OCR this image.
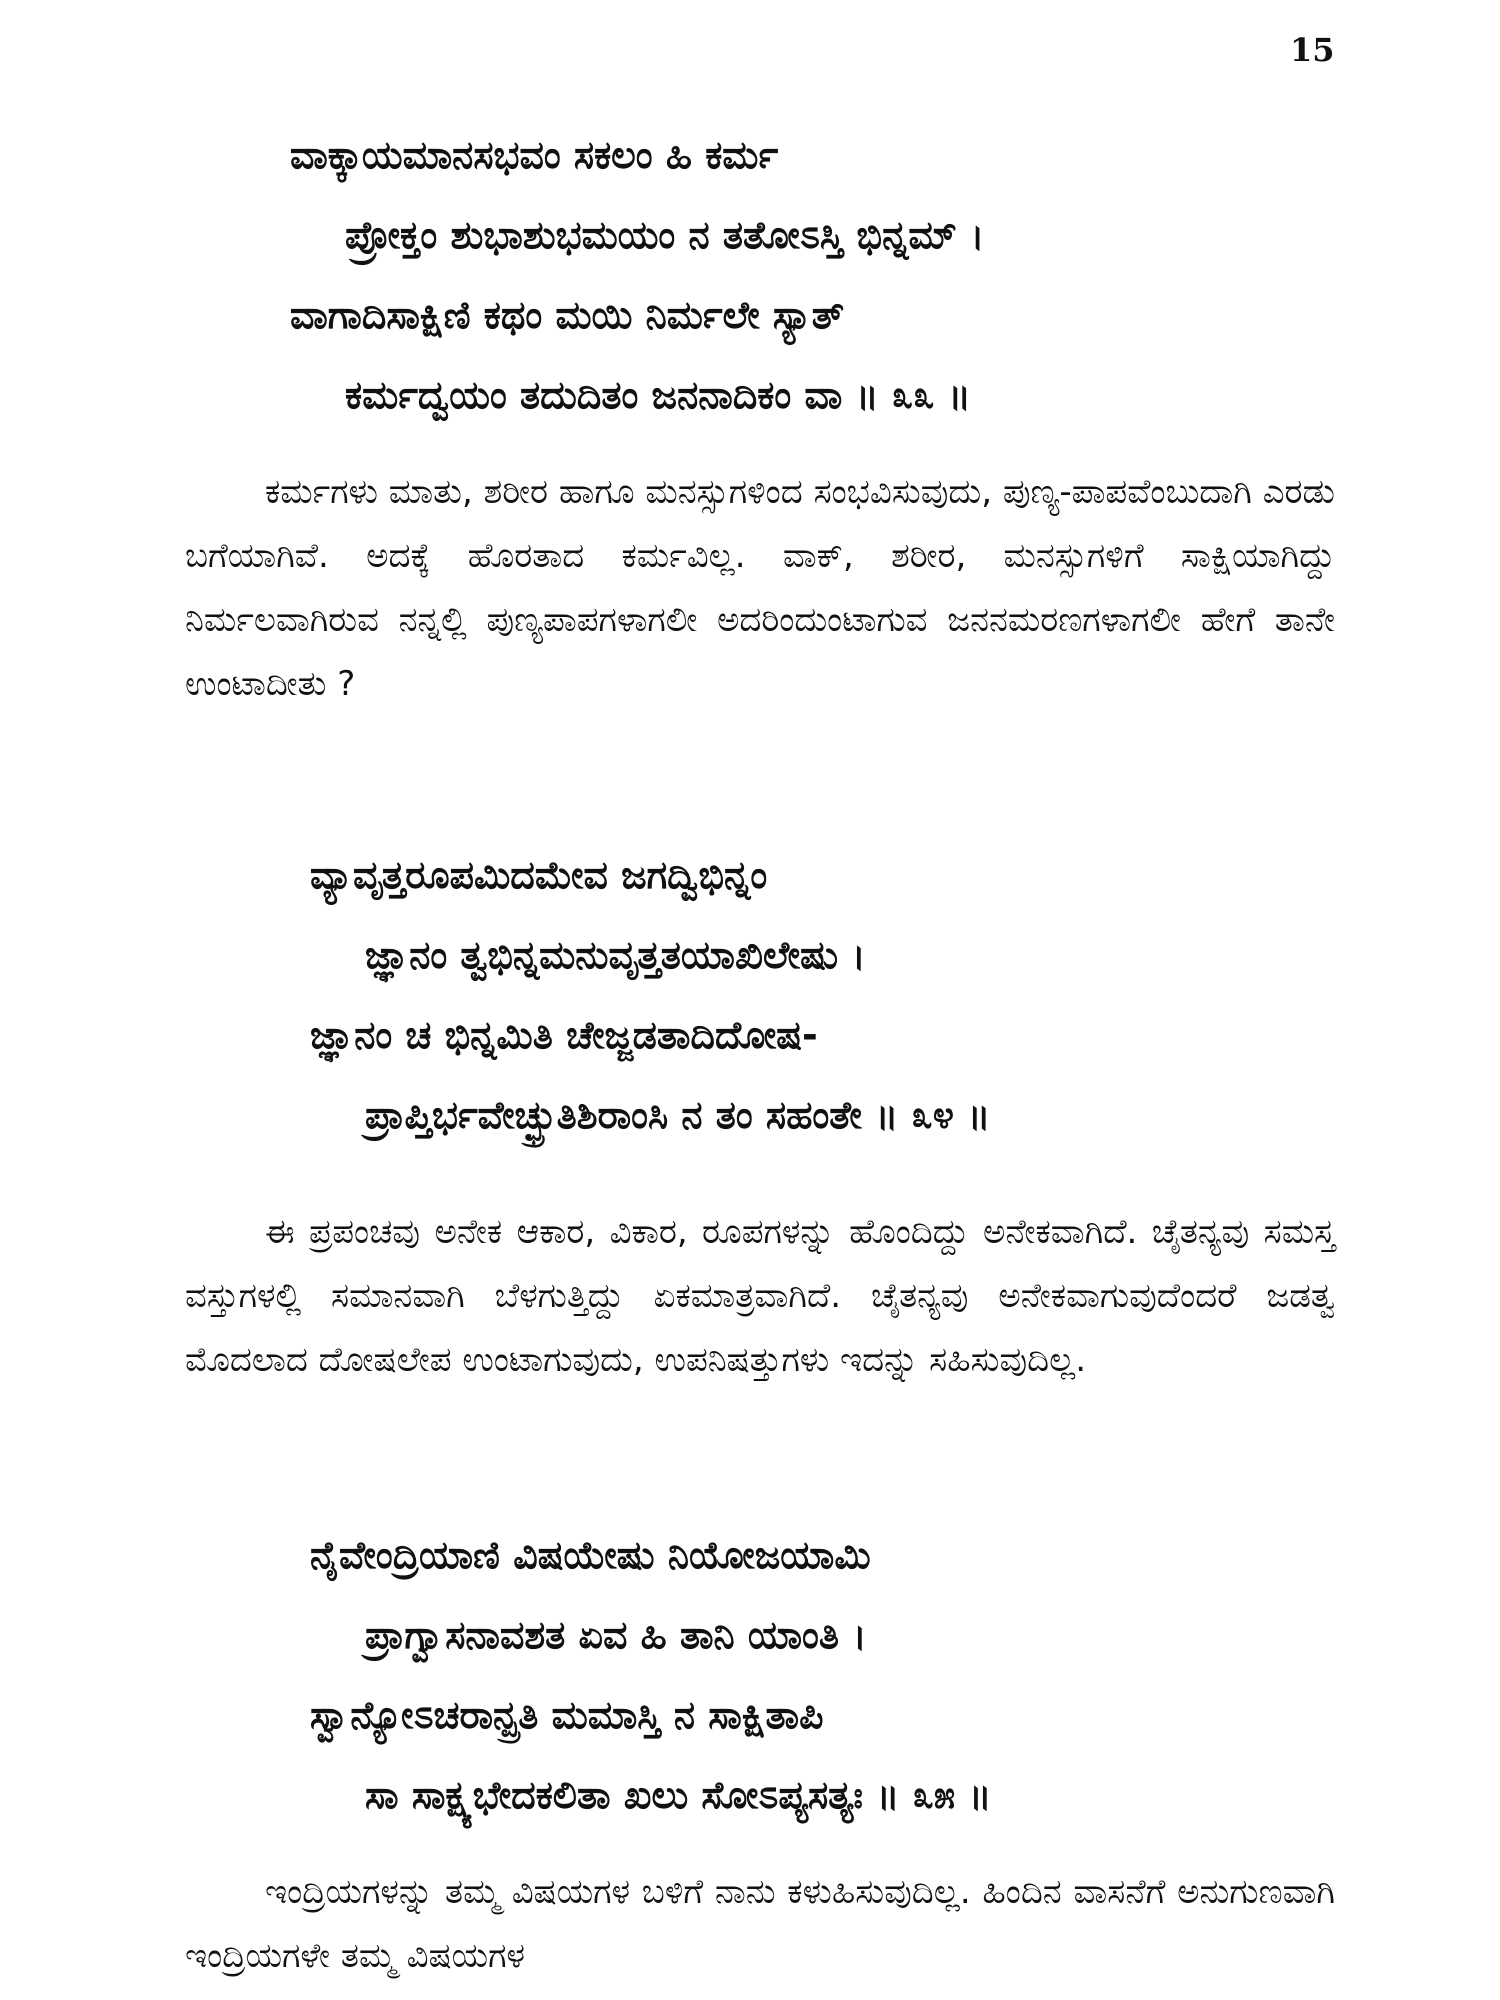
15
ವಾಕ್ಕಾಯಮಾನಸಭವಂ ಸಕಲಂ ಹಿ ಕರ್ಮ
ಪ್ರೋಕ್ತಂ ಶುಭಾಶುಭಮಯಂ ನ ತತೋಽಸ್ತಿ ಭಿನ್ನಮ್ ।
ವಾಗಾದಿಸಾಕ್ಷಿಣಿ ಕಥಂ ಮಯಿ ನಿರ್ಮಲೇ ಸ್ಯಾತ್
ಕರ್ಮದ್ವಯಂ ತದುದಿತಂ ಜನನಾದಿಕಂ ವಾ ॥ ೩೩ ॥

ಕರ್ಮಗಳು ಮಾತು, ಶರೀರ ಹಾಗೂ ಮನಸ್ಸುಗಳಿಂದ ಸಂಭವಿಸುವುದು, ಪುಣ್ಯ-ಪಾಪವೆಂಬುದಾಗಿ ಎರಡು ಬಗೆಯಾಗಿವೆ. ಅದಕ್ಕೆ ಹೊರತಾದ ಕರ್ಮವಿಲ್ಲ. ವಾಕ್, ಶರೀರ, ಮನಸ್ಸುಗಳಿಗೆ ಸಾಕ್ಷಿಯಾಗಿದ್ದು ನಿರ್ಮಲವಾಗಿರುವ ನನ್ನಲ್ಲಿ ಪುಣ್ಯಪಾಪಗಳಾಗಲೀ ಅದರಿಂದುಂಟಾಗುವ ಜನನಮರಣಗಳಾಗಲೀ ಹೇಗೆ ತಾನೇ ಉಂಟಾದೀತು ?

ವ್ಯಾವೃತ್ತರೂಪಮಿದಮೇವ ಜಗದ್ವಿಭಿನ್ನಂ
ಜ್ಞಾನಂ ತ್ವಭಿನ್ನಮನುವೃತ್ತತಯಾಖಿಲೇಷು ।
ಜ್ಞಾನಂ ಚ ಭಿನ್ನಮಿತಿ ಚೇಜ್ಜಡತಾದಿದೋಷ-
ಪ್ರಾಪ್ತಿರ್ಭವೇಚ್ಛ್ರುತಿಶಿರಾಂಸಿ ನ ತಂ ಸಹಂತೇ ॥ ೩೪ ॥

ಈ ಪ್ರಪಂಚವು ಅನೇಕ ಆಕಾರ, ವಿಕಾರ, ರೂಪಗಳನ್ನು ಹೊಂದಿದ್ದು ಅನೇಕವಾಗಿದೆ. ಚೈತನ್ಯವು ಸಮಸ್ತ ವಸ್ತುಗಳಲ್ಲಿ ಸಮಾನವಾಗಿ ಬೆಳಗುತ್ತಿದ್ದು ಏಕಮಾತ್ರವಾಗಿದೆ. ಚೈತನ್ಯವು ಅನೇಕವಾಗುವುದೆಂದರೆ ಜಡತ್ವ ಮೊದಲಾದ ದೋಷಲೇಪ ಉಂಟಾಗುವುದು, ಉಪನಿಷತ್ತುಗಳು ಇದನ್ನು ಸಹಿಸುವುದಿಲ್ಲ.

ನೈವೇಂದ್ರಿಯಾಣಿ ವಿಷಯೇಷು ನಿಯೋಜಯಾಮಿ
ಪ್ರಾಗ್ವಾಸನಾವಶತ ಏವ ಹಿ ತಾನಿ ಯಾಂತಿ ।
ಸ್ವಾನ್ಯೋಽಚರಾನ್ಪ್ರತಿ ಮಮಾಸ್ತಿ ನ ಸಾಕ್ಷಿತಾಪಿ
ಸಾ ಸಾಕ್ಷ್ಯಭೇದಕಲಿತಾ ಖಲು ಸೋಽಪ್ಯಸತ್ಯಃ ॥ ೩೫ ॥

ಇಂದ್ರಿಯಗಳನ್ನು ತಮ್ಮ ವಿಷಯಗಳ ಬಳಿಗೆ ನಾನು ಕಳುಹಿಸುವುದಿಲ್ಲ. ಹಿಂದಿನ ವಾಸನೆಗೆ ಅನುಗುಣವಾಗಿ ಇಂದ್ರಿಯಗಳೇ ತಮ್ಮ ವಿಷಯಗಳ
